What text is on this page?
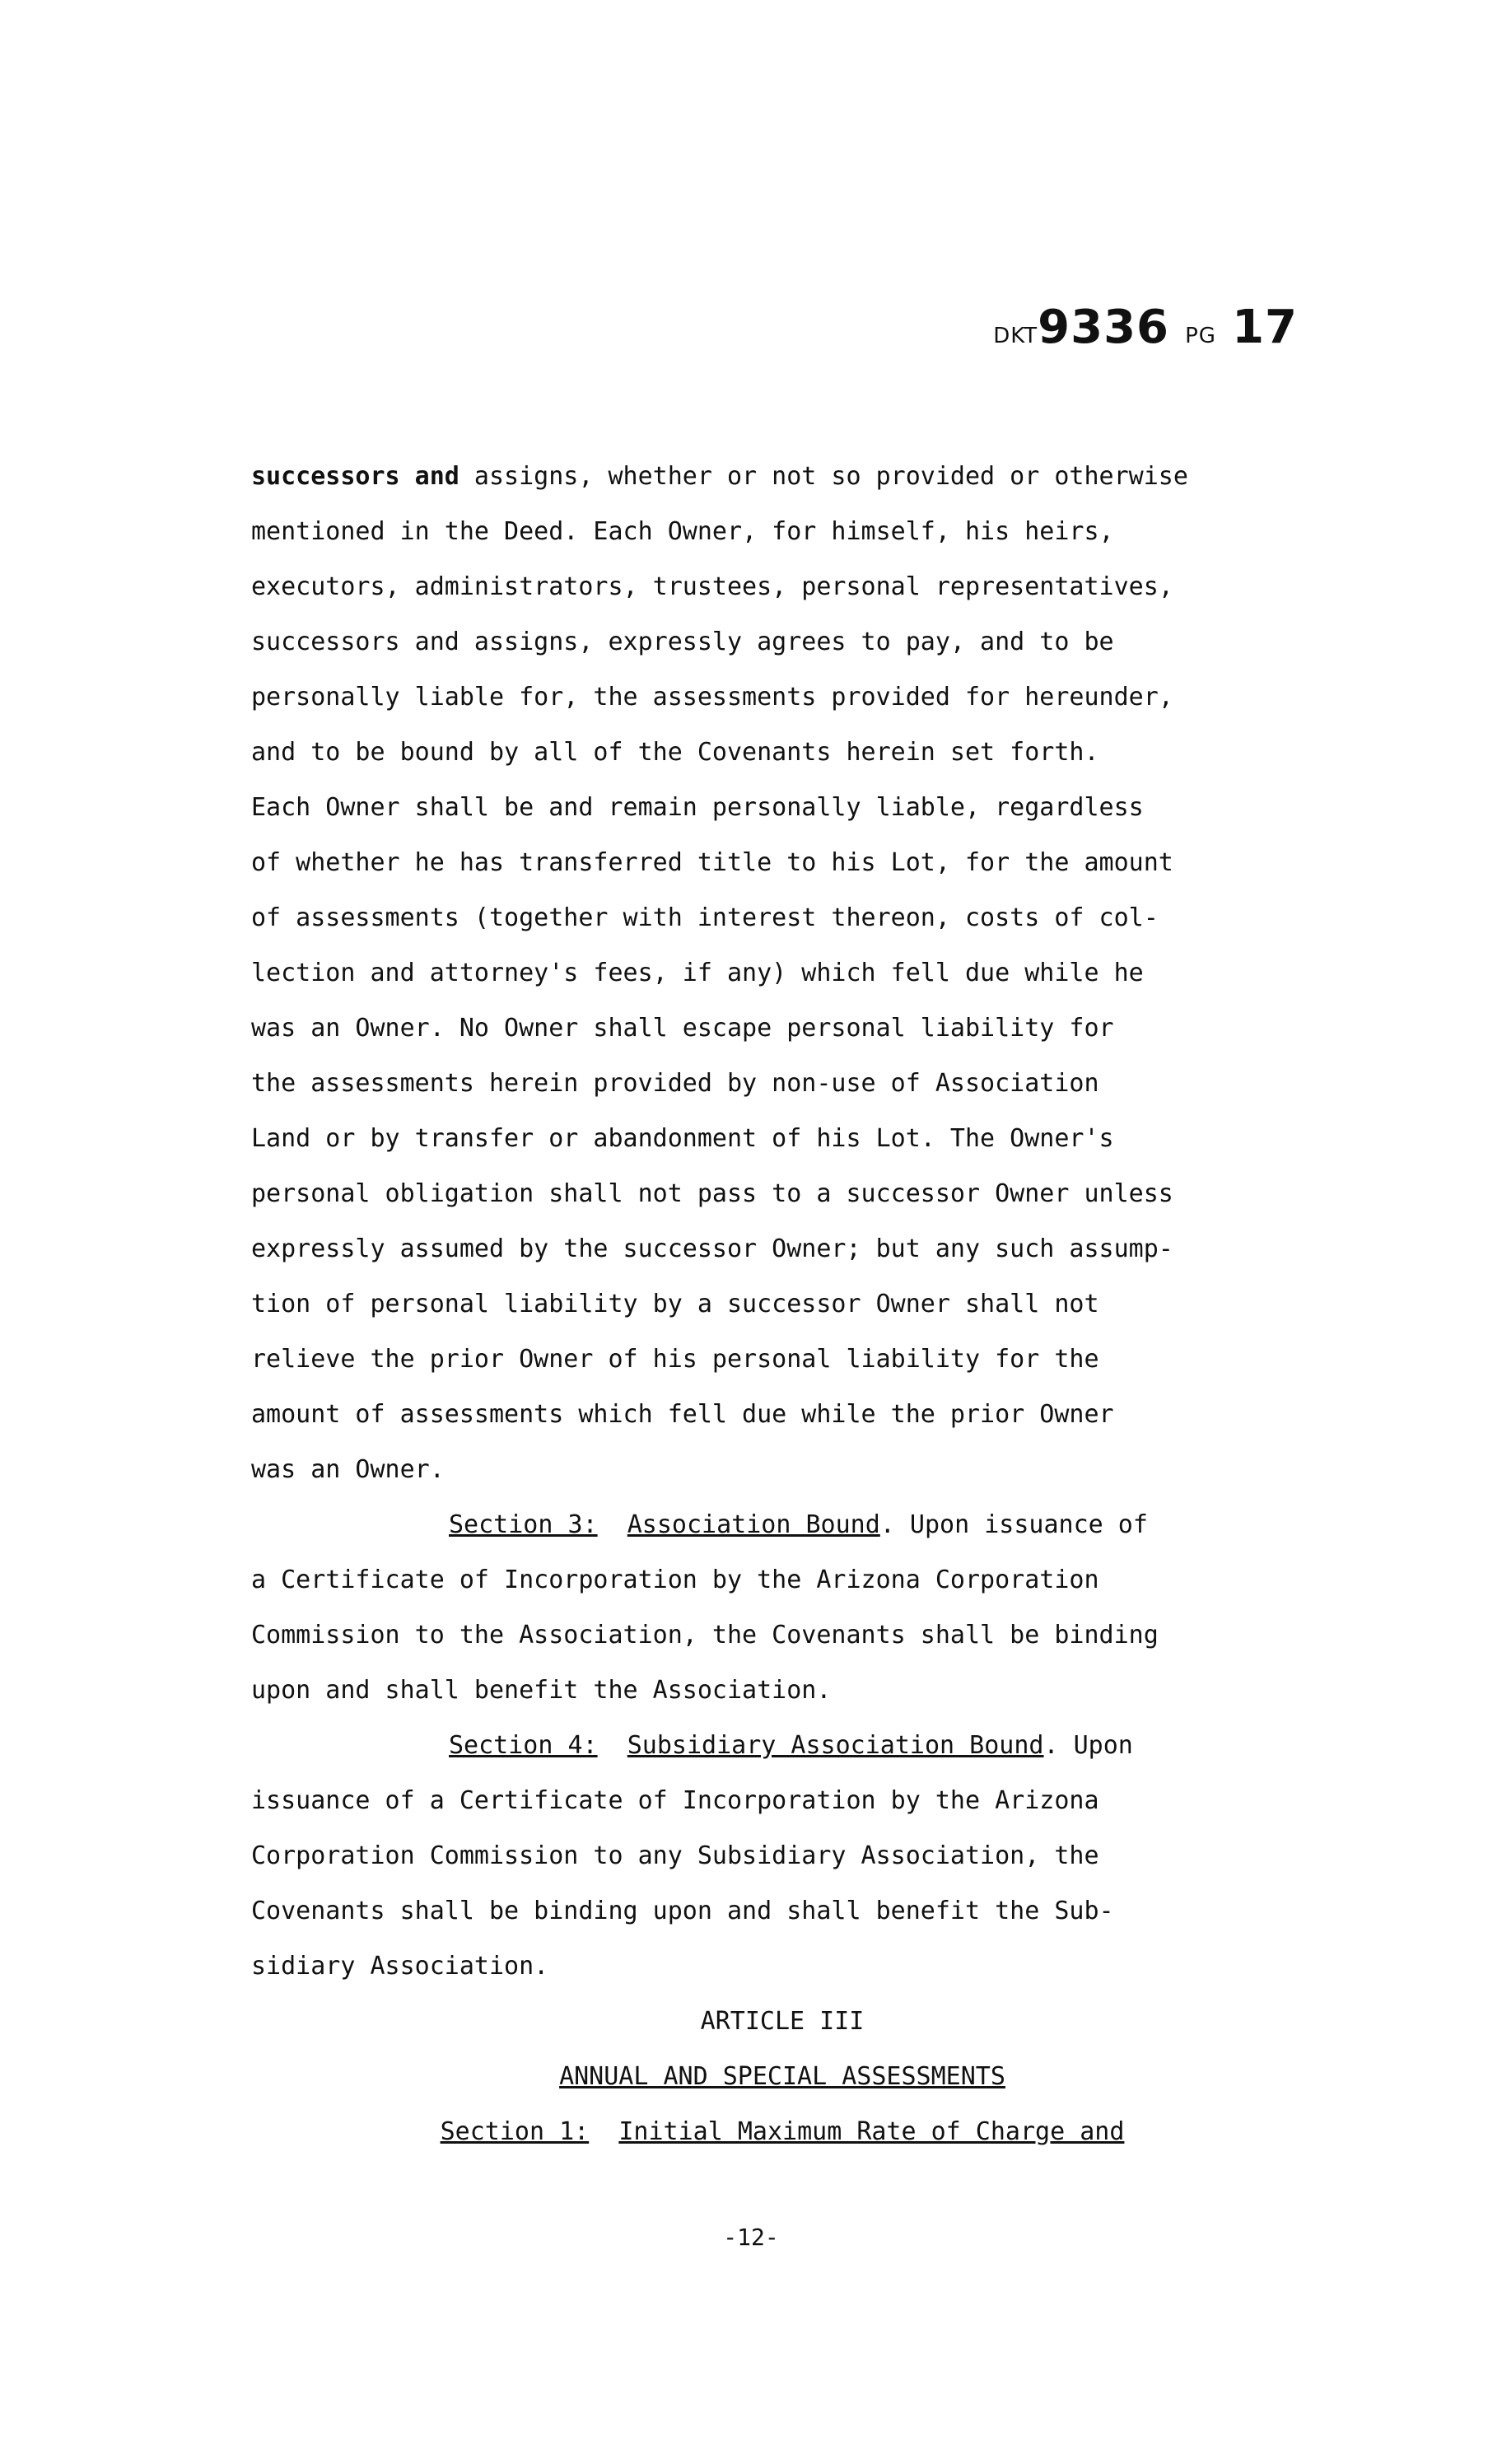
DKT9336 PG 17
successors and assigns, whether or not so provided or otherwise
mentioned in the Deed. Each Owner, for himself, his heirs,
executors, administrators, trustees, personal representatives,
successors and assigns, expressly agrees to pay, and to be
personally liable for, the assessments provided for hereunder,
and to be bound by all of the Covenants herein set forth.
Each Owner shall be and remain personally liable, regardless
of whether he has transferred title to his Lot, for the amount
of assessments (together with interest thereon, costs of col-
lection and attorney's fees, if any) which fell due while he
was an Owner. No Owner shall escape personal liability for
the assessments herein provided by non-use of Association
Land or by transfer or abandonment of his Lot. The Owner's
personal obligation shall not pass to a successor Owner unless
expressly assumed by the successor Owner; but any such assump-
tion of personal liability by a successor Owner shall not
relieve the prior Owner of his personal liability for the
amount of assessments which fell due while the prior Owner
was an Owner.
Section 3: Association Bound. Upon issuance of
a Certificate of Incorporation by the Arizona Corporation
Commission to the Association, the Covenants shall be binding
upon and shall benefit the Association.
Section 4: Subsidiary Association Bound. Upon
issuance of a Certificate of Incorporation by the Arizona
Corporation Commission to any Subsidiary Association, the
Covenants shall be binding upon and shall benefit the Sub-
sidiary Association.
ARTICLE III
ANNUAL AND SPECIAL ASSESSMENTS
Section 1: Initial Maximum Rate of Charge and
-12-
